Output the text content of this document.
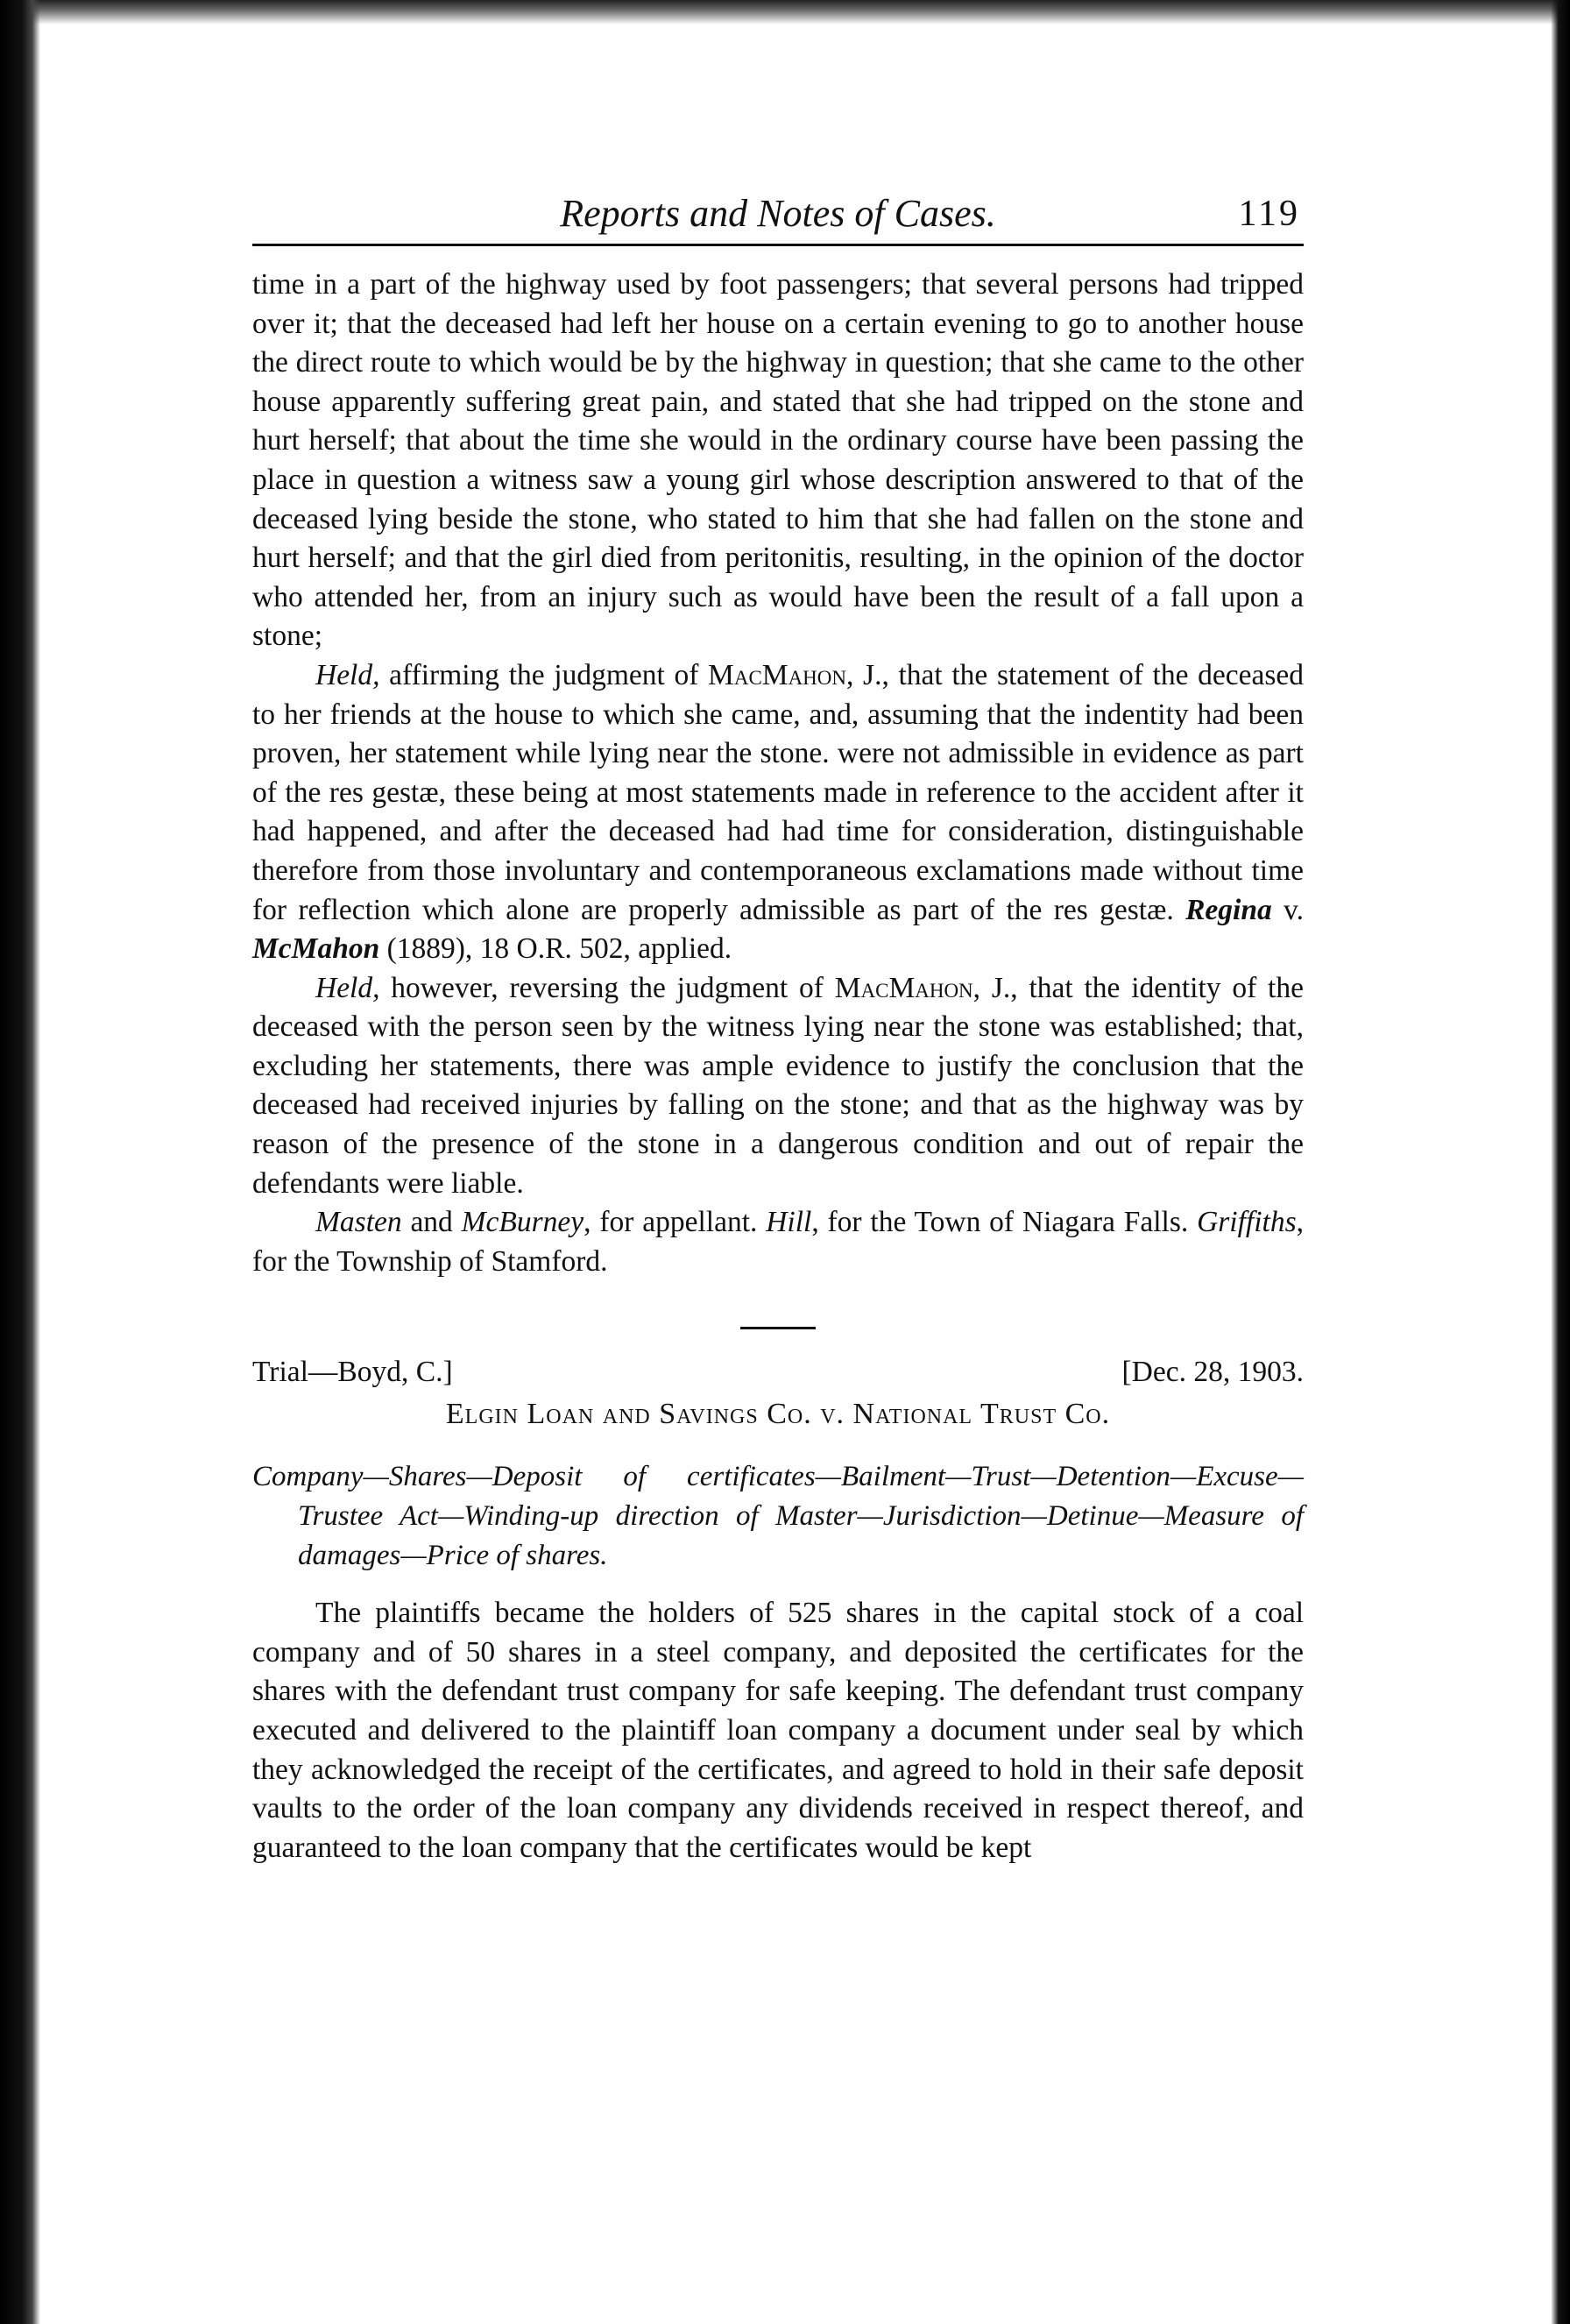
Reports and Notes of Cases.	119

time in a part of the highway used by foot passengers; that several persons had tripped over it; that the deceased had left her house on a certain evening to go to another house the direct route to which would be by the highway in question; that she came to the other house apparently suffering great pain, and stated that she had tripped on the stone and hurt herself; that about the time she would in the ordinary course have been passing the place in question a witness saw a young girl whose description answered to that of the deceased lying beside the stone, who stated to him that she had fallen on the stone and hurt herself; and that the girl died from peritonitis, resulting, in the opinion of the doctor who attended her, from an injury such as would have been the result of a fall upon a stone;

Held, affirming the judgment of MacMahon, J., that the statement of the deceased to her friends at the house to which she came, and, assuming that the indentity had been proven, her statement while lying near the stone. were not admissible in evidence as part of the res gestæ, these being at most statements made in reference to the accident after it had happened, and after the deceased had had time for consideration, distinguishable therefore from those involuntary and contemporaneous exclamations made without time for reflection which alone are properly admissible as part of the res gestæ. Regina v. McMahon (1889), 18 O.R. 502, applied.

Held, however, reversing the judgment of MacMahon, J., that the identity of the deceased with the person seen by the witness lying near the stone was established; that, excluding her statements, there was ample evidence to justify the conclusion that the deceased had received injuries by falling on the stone; and that as the highway was by reason of the presence of the stone in a dangerous condition and out of repair the defendants were liable.

Masten and McBurney, for appellant. Hill, for the Town of Niagara Falls. Griffiths, for the Township of Stamford.

Trial—Boyd, C.]	[Dec. 28, 1903.
Elgin Loan and Savings Co. v. National Trust Co.
Company—Shares—Deposit of certificates—Bailment—Trust—Detention—Excuse—Trustee Act—Winding-up direction of Master—Jurisdiction—Detinue—Measure of damages—Price of shares.

The plaintiffs became the holders of 525 shares in the capital stock of a coal company and of 50 shares in a steel company, and deposited the certificates for the shares with the defendant trust company for safe keeping. The defendant trust company executed and delivered to the plaintiff loan company a document under seal by which they acknowledged the receipt of the certificates, and agreed to hold in their safe deposit vaults to the order of the loan company any dividends received in respect thereof, and guaranteed to the loan company that the certificates would be kept
